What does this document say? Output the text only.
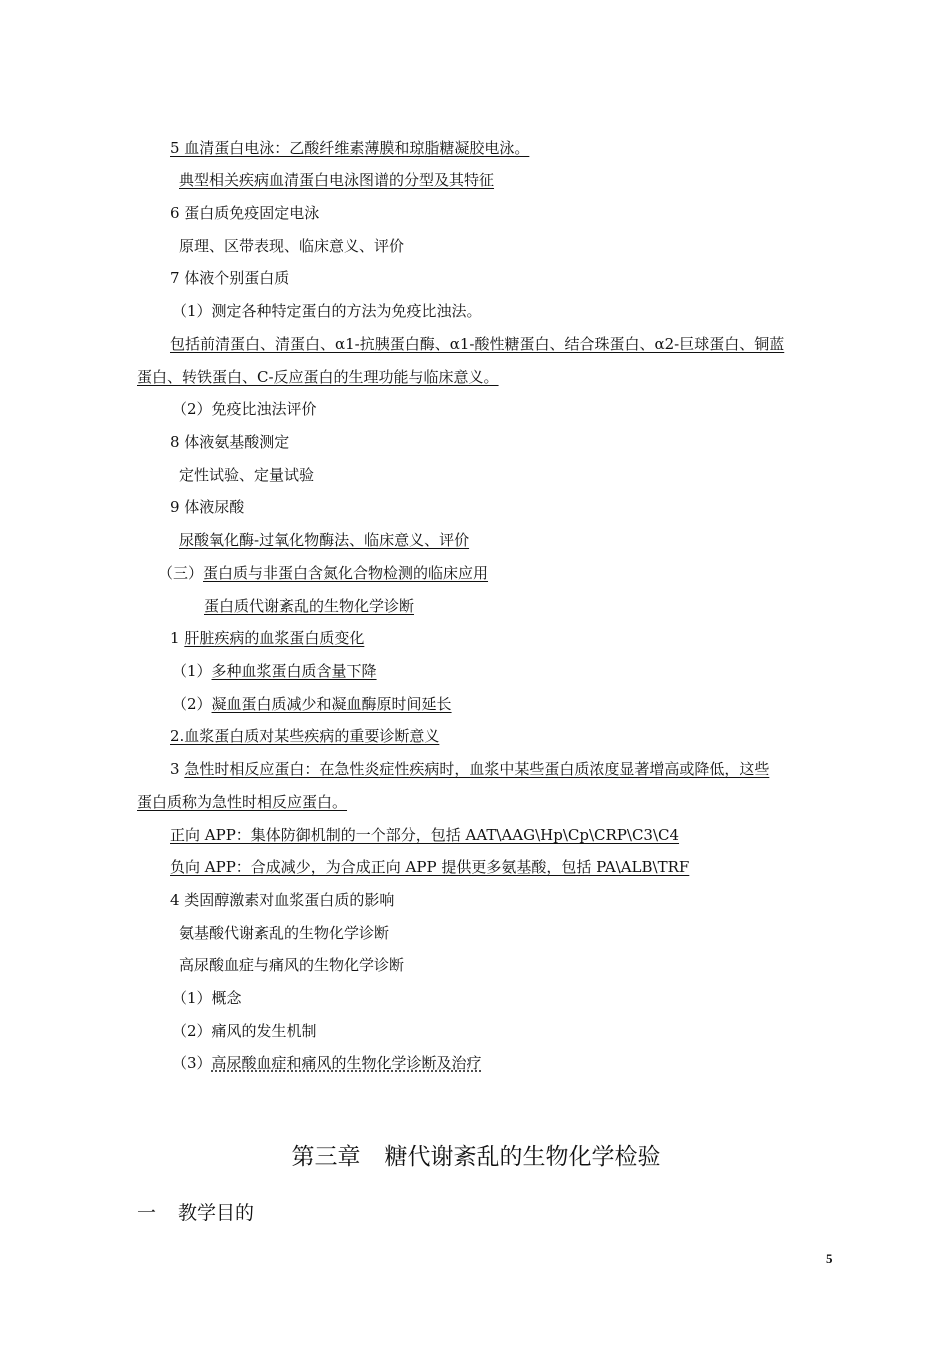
5 血清蛋白电泳：乙酸纤维素薄膜和琼脂糖凝胶电泳。
典型相关疾病血清蛋白电泳图谱的分型及其特征
6 蛋白质免疫固定电泳
原理、区带表现、临床意义、评价
7 体液个别蛋白质
（1）测定各种特定蛋白的方法为免疫比浊法。
包括前清蛋白、清蛋白、α1-抗胰蛋白酶、α1-酸性糖蛋白、结合珠蛋白、α2-巨球蛋白、铜蓝
蛋白、转铁蛋白、C-反应蛋白的生理功能与临床意义。
（2）免疫比浊法评价
8 体液氨基酸测定
定性试验、定量试验
9 体液尿酸
尿酸氧化酶-过氧化物酶法、临床意义、评价
（三）蛋白质与非蛋白含氮化合物检测的临床应用
蛋白质代谢紊乱的生物化学诊断
1 肝脏疾病的血浆蛋白质变化
（1）多种血浆蛋白质含量下降
（2）凝血蛋白质减少和凝血酶原时间延长
2.血浆蛋白质对某些疾病的重要诊断意义
3 急性时相反应蛋白：在急性炎症性疾病时，血浆中某些蛋白质浓度显著增高或降低，这些
蛋白质称为急性时相反应蛋白。
正向 APP：集体防御机制的一个部分，包括 AAT\AAG\Hp\Cp\CRP\C3\C4
负向 APP：合成减少，为合成正向 APP 提供更多氨基酸，包括 PA\ALB\TRF
4 类固醇激素对血浆蛋白质的影响
氨基酸代谢紊乱的生物化学诊断
高尿酸血症与痛风的生物化学诊断
（1）概念
（2）痛风的发生机制
（3）高尿酸血症和痛风的生物化学诊断及治疗
第三章 糖代谢紊乱的生物化学检验
一 教学目的
5
